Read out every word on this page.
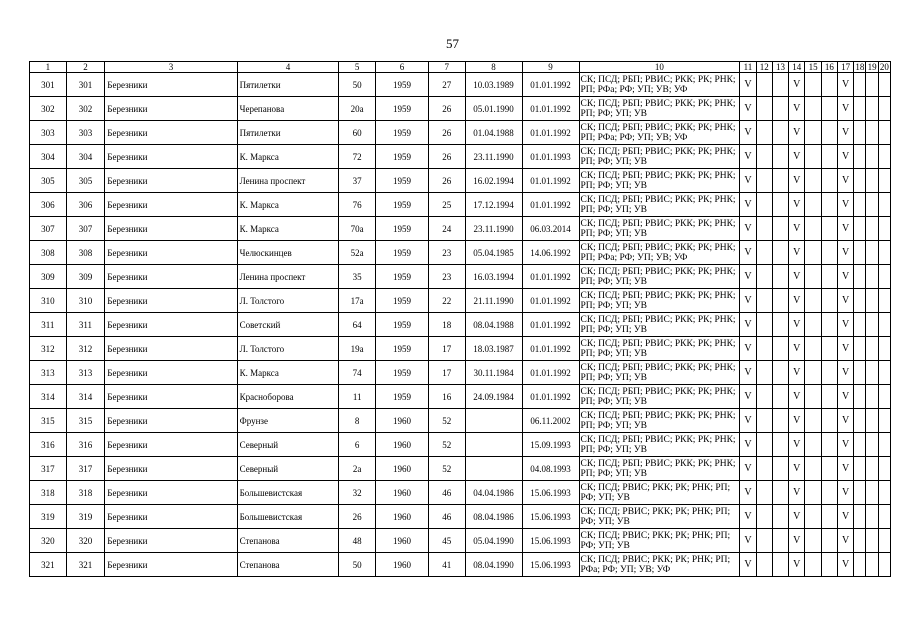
57
1	2	3	4	5	6	7	8	9	10	11	12	13	14	15	16	17	18	19	20
301	301	Березники	Пятилетки	50	1959	27	10.03.1989	01.01.1992	СК; ПСД; РБП; РВИС; РКК; РК; РНК; РП; РФа; РФ; УП; УВ; УФ	V			V			V			
302	302	Березники	Черепанова	20а	1959	26	05.01.1990	01.01.1992	СК; ПСД; РБП; РВИС; РКК; РК; РНК; РП; РФ; УП; УВ	V			V			V			
303	303	Березники	Пятилетки	60	1959	26	01.04.1988	01.01.1992	СК; ПСД; РБП; РВИС; РКК; РК; РНК; РП; РФа; РФ; УП; УВ; УФ	V			V			V			
304	304	Березники	К. Маркса	72	1959	26	23.11.1990	01.01.1993	СК; ПСД; РБП; РВИС; РКК; РК; РНК; РП; РФ; УП; УВ	V			V			V			
305	305	Березники	Ленина проспект	37	1959	26	16.02.1994	01.01.1992	СК; ПСД; РБП; РВИС; РКК; РК; РНК; РП; РФ; УП; УВ	V			V			V			
306	306	Березники	К. Маркса	76	1959	25	17.12.1994	01.01.1992	СК; ПСД; РБП; РВИС; РКК; РК; РНК; РП; РФ; УП; УВ	V			V			V			
307	307	Березники	К. Маркса	70а	1959	24	23.11.1990	06.03.2014	СК; ПСД; РБП; РВИС; РКК; РК; РНК; РП; РФ; УП; УВ	V			V			V			
308	308	Березники	Челюскинцев	52а	1959	23	05.04.1985	14.06.1992	СК; ПСД; РБП; РВИС; РКК; РК; РНК; РП; РФа; РФ; УП; УВ; УФ	V			V			V			
309	309	Березники	Ленина проспект	35	1959	23	16.03.1994	01.01.1992	СК; ПСД; РБП; РВИС; РКК; РК; РНК; РП; РФ; УП; УВ	V			V			V			
310	310	Березники	Л. Толстого	17а	1959	22	21.11.1990	01.01.1992	СК; ПСД; РБП; РВИС; РКК; РК; РНК; РП; РФ; УП; УВ	V			V			V			
311	311	Березники	Советский	64	1959	18	08.04.1988	01.01.1992	СК; ПСД; РБП; РВИС; РКК; РК; РНК; РП; РФ; УП; УВ	V			V			V			
312	312	Березники	Л. Толстого	19а	1959	17	18.03.1987	01.01.1992	СК; ПСД; РБП; РВИС; РКК; РК; РНК; РП; РФ; УП; УВ	V			V			V			
313	313	Березники	К. Маркса	74	1959	17	30.11.1984	01.01.1992	СК; ПСД; РБП; РВИС; РКК; РК; РНК; РП; РФ; УП; УВ	V			V			V			
314	314	Березники	Красноборова	11	1959	16	24.09.1984	01.01.1992	СК; ПСД; РБП; РВИС; РКК; РК; РНК; РП; РФ; УП; УВ	V			V			V			
315	315	Березники	Фрунзе	8	1960	52		06.11.2002	СК; ПСД; РБП; РВИС; РКК; РК; РНК; РП; РФ; УП; УВ	V			V			V			
316	316	Березники	Северный	6	1960	52		15.09.1993	СК; ПСД; РБП; РВИС; РКК; РК; РНК; РП; РФ; УП; УВ	V			V			V			
317	317	Березники	Северный	2а	1960	52		04.08.1993	СК; ПСД; РБП; РВИС; РКК; РК; РНК; РП; РФ; УП; УВ	V			V			V			
318	318	Березники	Большевистская	32	1960	46	04.04.1986	15.06.1993	СК; ПСД; РВИС; РКК; РК; РНК; РП; РФ; УП; УВ	V			V			V			
319	319	Березники	Большевистская	26	1960	46	08.04.1986	15.06.1993	СК; ПСД; РВИС; РКК; РК; РНК; РП; РФ; УП; УВ	V			V			V			
320	320	Березники	Степанова	48	1960	45	05.04.1990	15.06.1993	СК; ПСД; РВИС; РКК; РК; РНК; РП; РФ; УП; УВ	V			V			V			
321	321	Березники	Степанова	50	1960	41	08.04.1990	15.06.1993	СК; ПСД; РВИС; РКК; РК; РНК; РП; РФа; РФ; УП; УВ; УФ	V			V			V			
